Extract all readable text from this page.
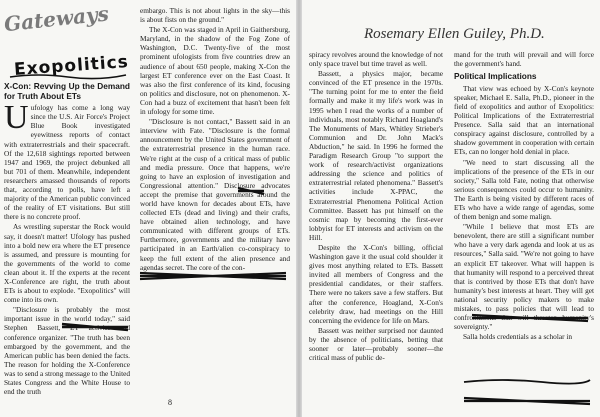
Gateways
Exopolitics
X-Con: Revving Up the Demand for Truth About ETs

Uufology has come a long way since the U.S. Air Force's Project Blue Book investigated eyewitness reports of contact with extraterrestrials and their spacecraft. Of the 12,618 sightings reported between 1947 and 1969, the project debunked all but 701 of them. Meanwhile, independent researchers amassed thousands of reports that, according to polls, have left a majority of the American public convinced of the reality of ET visitations. But still there is no concrete proof.

As wrestling superstar the Rock would say, it doesn't matter! Ufology has pushed into a bold new era where the ET presence is assumed, and pressure is mounting for the governments of the world to come clean about it. If the experts at the recent X-Conference are right, the truth about ETs is about to explode. "Exopolitics" will come into its own.

"Disclosure is probably the most important issue in the world today," said Stephen Bassett, ET activist and conference organizer. "The truth has been embargoed by the government, and the American public has been denied the facts. The reason for holding the X-Conference was to send a strong message to the United States Congress and the White House to end the truth

embargo. This is not about lights in the sky—this is about fists on the ground."

The X-Con was staged in April in Gaithersburg, Maryland, in the shadow of the Fog Zone of Washington, D.C. Twenty-five of the most prominent ufologists from five countries drew an audience of about 650 people, making X-Con the largest ET conference ever on the East Coast. It was also the first conference of its kind, focusing on politics and disclosure, not on phenomenon. X-Con had a buzz of excitement that hasn't been felt in ufology for some time.

"Disclosure is not contact," Bassett said in an interview with Fate. "Disclosure is the formal announcement by the United States government of the extraterrestrial presence in the human race. We're right at the cusp of a critical mass of public and media pressure. Once that happens, we're going to have an explosion of investigation and Congressional attention." Disclosure advocates accept the premise that governments around the world have known for decades about ETs, have collected ETs (dead and living) and their crafts, have obtained alien technology, and have communicated with different groups of ETs. Furthermore, governments and the military have participated in an Earth/alien co-conspiracy to keep the full extent of the alien presence and agendas secret. The core of the con-

8
Rosemary Ellen Guiley, Ph.D.

spiracy revolves around the knowledge of not only space travel but time travel as well.

Bassett, a physics major, became convinced of the ET presence in the 1970s. "The turning point for me to enter the field formally and make it my life's work was in 1995 when I read the works of a number of individuals, most notably Richard Hoagland's The Monuments of Mars, Whitley Strieber's Communion and Dr. John Mack's Abduction," he said. In 1996 he formed the Paradigm Research Group "to support the work of research/activist organizations addressing the science and politics of extraterrestrial related phenomena." Bassett's activities include X-PPAC, the Extraterrestrial Phenomena Political Action Committee. Bassett has put himself on the cosmic map by becoming the first-ever lobbyist for ET interests and activism on the Hill.

Despite the X-Con's billing, official Washington gave it the usual cold shoulder it gives most anything related to ETs. Bassett invited all members of Congress and the presidential candidates, or their staffers. There were no takers save a few staffers. But after the conference, Hoagland, X-Con's celebrity draw, had meetings on the Hill concerning the evidence for life on Mars.

Bassett was neither surprised nor daunted by the absence of politicians, betting that sooner or later—probably sooner—the critical mass of public de-

mand for the truth will prevail and will force the government's hand.

Political Implications

That view was echoed by X-Con's keynote speaker, Michael E. Salla, Ph.D., pioneer in the field of exopolitics and author of Exopolitics: Political Implications of the Extraterrestrial Presence. Salla said that an international conspiracy against disclosure, controlled by a shadow government in cooperation with certain ETs, can no longer hold denial in place.

"We need to start discussing all the implications of the presence of the ETs in our society," Salla told Fate, noting that otherwise serious consequences could occur to humanity. The Earth is being visited by different races of ETs who have a wide range of agendas, some of them benign and some malign.

"While I believe that most ETs are benevolent, there are still a significant number who have a very dark agenda and look at us as resources," Salla said. "We're not going to have an explicit ET takeover. What will happen is that humanity will respond to a perceived threat that is contrived by those ETs that don't have humanity's best interests at heart. They will get national security policy makers to make mistakes, to pass policies that will lead to confrontations that will threaten humanity's sovereignty."

Salla holds credentials as a scholar in
